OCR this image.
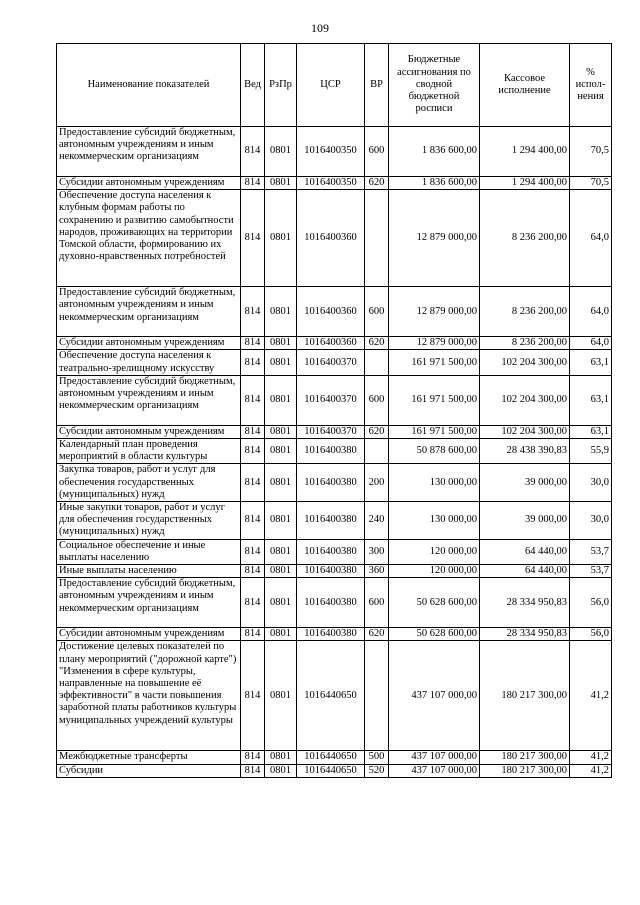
109
Наименование показателей	Вед	РзПр	ЦСР	ВР	Бюджетные ассигнования по сводной бюджетной росписи	Кассовое исполнение	% испол-нения
Предоставление субсидий бюджетным, автономным учреждениям и иным некоммерческим организациям	814	0801	1016400350	600	1 836 600,00	1 294 400,00	70,5
Субсидии автономным учреждениям	814	0801	1016400350	620	1 836 600,00	1 294 400,00	70,5
Обеспечение доступа населения к клубным формам работы по сохранению и развитию самобытности народов, проживающих на территории Томской области, формированию их духовно-нравственных потребностей	814	0801	1016400360		12 879 000,00	8 236 200,00	64,0
Предоставление субсидий бюджетным, автономным учреждениям и иным некоммерческим организациям	814	0801	1016400360	600	12 879 000,00	8 236 200,00	64,0
Субсидии автономным учреждениям	814	0801	1016400360	620	12 879 000,00	8 236 200,00	64,0
Обеспечение доступа населения к театрально-зрелищному искусству	814	0801	1016400370		161 971 500,00	102 204 300,00	63,1
Предоставление субсидий бюджетным, автономным учреждениям и иным некоммерческим организациям	814	0801	1016400370	600	161 971 500,00	102 204 300,00	63,1
Субсидии автономным учреждениям	814	0801	1016400370	620	161 971 500,00	102 204 300,00	63,1
Календарный план проведения мероприятий в области культуры	814	0801	1016400380		50 878 600,00	28 438 390,83	55,9
Закупка товаров, работ и услуг для обеспечения государственных (муниципальных) нужд	814	0801	1016400380	200	130 000,00	39 000,00	30,0
Иные закупки товаров, работ и услуг для обеспечения государственных (муниципальных) нужд	814	0801	1016400380	240	130 000,00	39 000,00	30,0
Социальное обеспечение и иные выплаты населению	814	0801	1016400380	300	120 000,00	64 440,00	53,7
Иные выплаты населению	814	0801	1016400380	360	120 000,00	64 440,00	53,7
Предоставление субсидий бюджетным, автономным учреждениям и иным некоммерческим организациям	814	0801	1016400380	600	50 628 600,00	28 334 950,83	56,0
Субсидии автономным учреждениям	814	0801	1016400380	620	50 628 600,00	28 334 950,83	56,0
Достижение целевых показателей по плану мероприятий ("дорожной карте") "Изменения в сфере культуры, направленные на повышение её эффективности" в части повышения заработной платы работников культуры муниципальных учреждений культуры	814	0801	1016440650		437 107 000,00	180 217 300,00	41,2
Межбюджетные трансферты	814	0801	1016440650	500	437 107 000,00	180 217 300,00	41,2
Субсидии	814	0801	1016440650	520	437 107 000,00	180 217 300,00	41,2
